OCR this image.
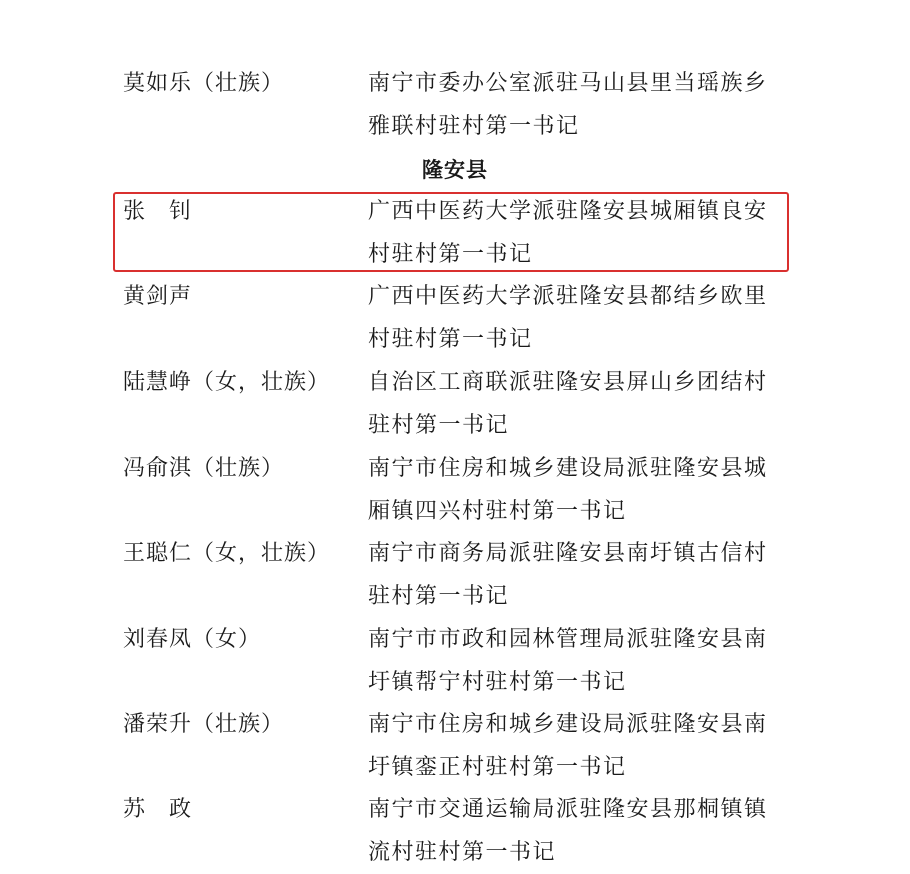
莫如乐（壮族）	南宁市委办公室派驻马山县里当瑶族乡
雅联村驻村第一书记
隆安县
张　钊	广西中医药大学派驻隆安县城厢镇良安
村驻村第一书记
黄剑声	广西中医药大学派驻隆安县都结乡欧里
村驻村第一书记
陆慧峥（女，壮族） 自治区工商联派驻隆安县屏山乡团结村
驻村第一书记
冯俞淇（壮族）	南宁市住房和城乡建设局派驻隆安县城
厢镇四兴村驻村第一书记
王聪仁（女，壮族） 南宁市商务局派驻隆安县南圩镇古信村
驻村第一书记
刘春凤（女）	南宁市市政和园林管理局派驻隆安县南
圩镇帮宁村驻村第一书记
潘荣升（壮族）	南宁市住房和城乡建设局派驻隆安县南
圩镇銮正村驻村第一书记
苏　政	南宁市交通运输局派驻隆安县那桐镇镇
流村驻村第一书记
